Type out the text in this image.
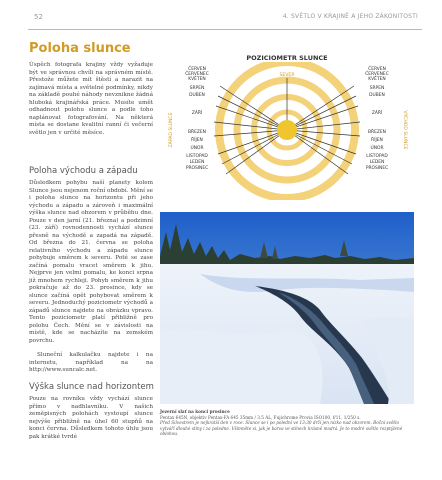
52	4. SVĚTLO V KRAJINĚ A JEHO ZÁKONITOSTI
Poloha slunce

Úspěch fotografa krajiny vždy vyžaduje být ve správnou chvíli na správném místě. Přestože můžete mít štěstí a narazit na zajímavá místa a světelné podmínky, nikdy na základě pouhé náhody nevznikne žádná hluboká krajinářská práce. Musíte umět odhadnout polohu slunce a podle toho naplánovat fotografování. Na některá místa se dostane kvalitní ranní či večerní světlo jen v určité měsíce.

Poloha východu a západu

Důsledkem pohybu naší planety kolem Slunce jsou nejenom roční období. Mění se i poloha slunce na horizontu při jeho východu a západu a zároveň i maximální výška slunce nad obzorem v průběhu dne. Pouze v den jarní (21. března) a podzimní (23. září) rovnodennosti vychází slunce přesně na východě a zapadá na západě. Od března do 21. června se poloha relativního východu a západu slunce pohybuje směrem k severu. Poté se zase začíná pomalu vracet směrem k jihu. Nejprve jen velmi pomalu, ke konci srpna již mnohem rychleji. Pohyb směrem k jihu pokračuje až do 23. prosince, kdy se slunce začíná opět pohybovat směrem k severu. Jednoduchý poziciometr východů a západů slunce najdete na obrázku vpravo. Tento poziciometr platí přibližně pro polohu Čech. Mění se v závislosti na místě, kde se nacházíte na zemském povrchu.

Sluneční kalkulačku najdete i na internetu, například na na http://www.suncalc.net.

Výška slunce nad horizontem

Pouze na rovníku vždy vychází slunce přímo v nadhlavníku. V našich zeměpisných polohách vystoupí slunce nejvýše přibližně na úhel 60 stupňů na konci června. Důsledkem tohoto úhlu jsou pak krátké tvrdé

POZICIOMETR SLUNCE
SEVER
ZÁPAD SLUNCE	VÝCHOD SLUNCE
ČERVEN
ČERVENEC
KVĚTEN
SRPEN
DUBEN
ZÁŘÍ
BŘEZEN
ŘÍJEN
ÚNOR
LISTOPAD
LEDEN
PROSINEC
ČERVEN
ČERVENEC
KVĚTEN
SRPEN
DUBEN
ZÁŘÍ
BŘEZEN
ŘÍJEN
ÚNOR
LISTOPAD
LEDEN
PROSINEC
Jezerní slať na konci prosince
Pentax 645N, objektiv Pentax-FA 645 35mm / 3.5 AL, Fujichrome Provia ISO100, f/11, 1/250 s.
Před Silvestrem je nejkratší den v roce. Slunce se i po poledni ve 13:30 drží jen nízko nad obzorem. Boční světlo vytváří dlouhé stíny i za poledne. Všimněte si, jak je barva ve stínech krásně modrá. Je to modré světlo rozptýlené oblohou.
